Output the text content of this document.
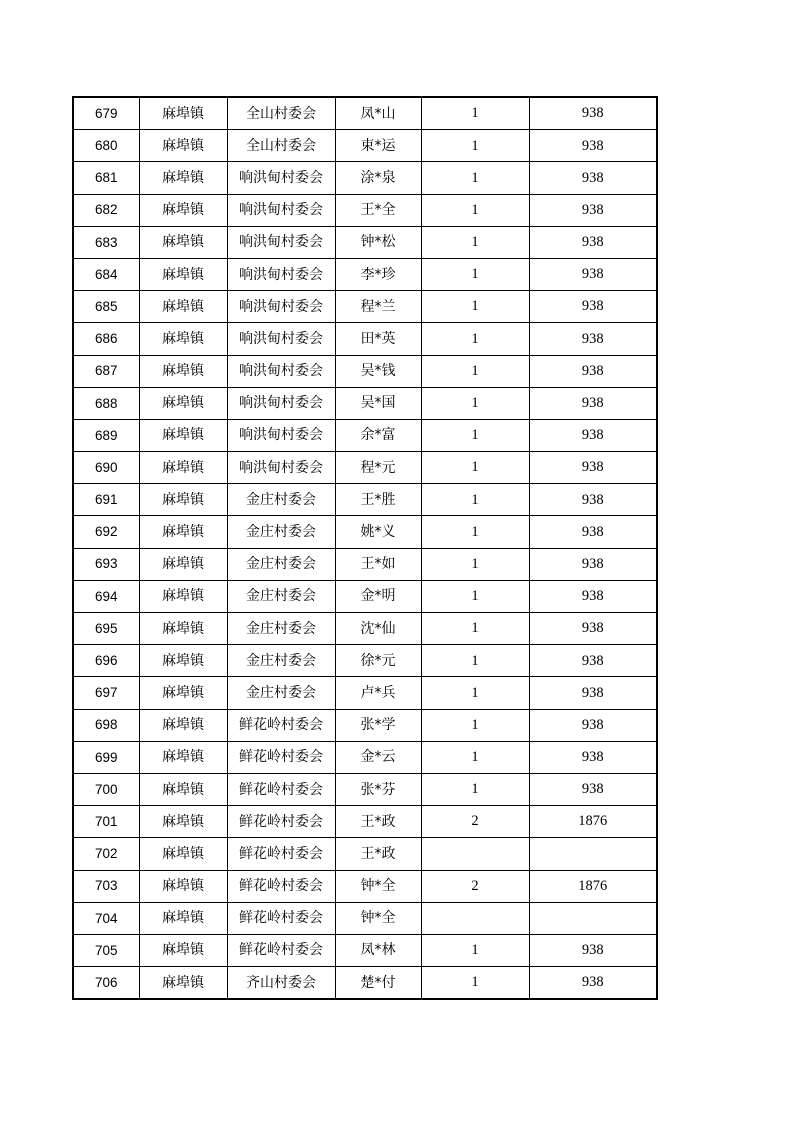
679	麻埠镇	全山村委会	凤*山	1	938
680	麻埠镇	全山村委会	束*运	1	938
681	麻埠镇	响洪甸村委会	涂*泉	1	938
682	麻埠镇	响洪甸村委会	王*全	1	938
683	麻埠镇	响洪甸村委会	钟*松	1	938
684	麻埠镇	响洪甸村委会	李*珍	1	938
685	麻埠镇	响洪甸村委会	程*兰	1	938
686	麻埠镇	响洪甸村委会	田*英	1	938
687	麻埠镇	响洪甸村委会	吴*钱	1	938
688	麻埠镇	响洪甸村委会	吴*国	1	938
689	麻埠镇	响洪甸村委会	余*富	1	938
690	麻埠镇	响洪甸村委会	程*元	1	938
691	麻埠镇	金庄村委会	王*胜	1	938
692	麻埠镇	金庄村委会	姚*义	1	938
693	麻埠镇	金庄村委会	王*如	1	938
694	麻埠镇	金庄村委会	金*明	1	938
695	麻埠镇	金庄村委会	沈*仙	1	938
696	麻埠镇	金庄村委会	徐*元	1	938
697	麻埠镇	金庄村委会	卢*兵	1	938
698	麻埠镇	鲜花岭村委会	张*学	1	938
699	麻埠镇	鲜花岭村委会	金*云	1	938
700	麻埠镇	鲜花岭村委会	张*芬	1	938
701	麻埠镇	鲜花岭村委会	王*政	2	1876
702	麻埠镇	鲜花岭村委会	王*政		
703	麻埠镇	鲜花岭村委会	钟*全	2	1876
704	麻埠镇	鲜花岭村委会	钟*全		
705	麻埠镇	鲜花岭村委会	凤*林	1	938
706	麻埠镇	齐山村委会	楚*付	1	938
